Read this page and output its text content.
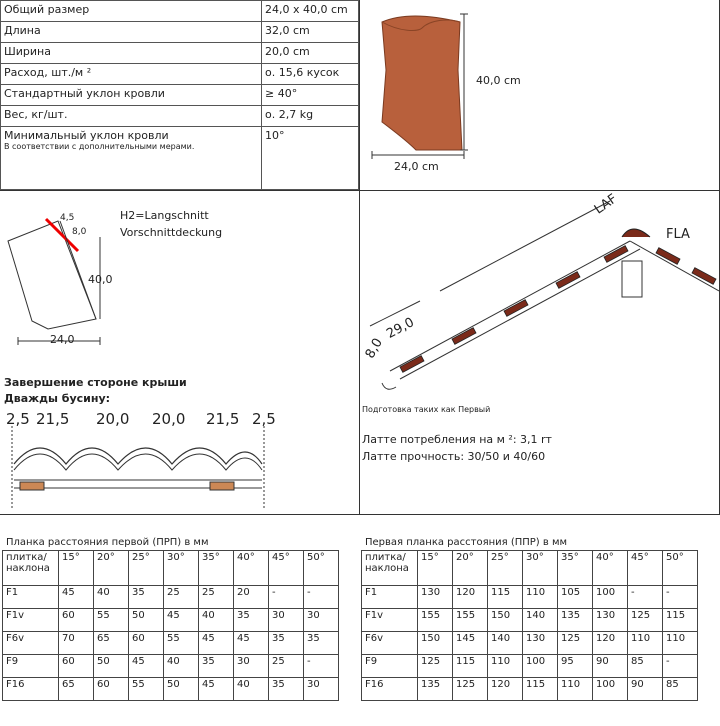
Общий размер	24,0 x 40,0 cm

Длина	32,0 cm

Ширина	20,0 cm

Расход, шт./м ²	о. 15,6 кусок

Стандартный уклон кровли	≥ 40°

Вес, кг/шт.	о. 2,7 kg

Минимальный уклон кровли
В соответствии с дополнительными мерами.	10°
40,0 cm
24,0 cm
4,5
8,0
40,0
24,0
H2=Langschnitt
Vorschnittdeckung
Завершение стороне крыши
Дважды бусину:
2,5 21,5 20,0 20,0 21,5 2,5
LAF
FLA
8,0
29,0
Подготовка таких как Первый
Латте потребления на м ²: 3,1 rт
Латте прочность: 30/50 и 40/60
Планка расстояния первой (ПРП) в мм
плитка/
наклона	15°	20°	25°	30°	35°	40°	45°	50°
F1	45	40	35	25	25	20	-	-
F1v	60	55	50	45	40	35	30	30
F6v	70	65	60	55	45	45	35	35
F9	60	50	45	40	35	30	25	-
F16	65	60	55	50	45	40	35	30
Первая планка расстояния (ППР) в мм
плитка/
наклона	15°	20°	25°	30°	35°	40°	45°	50°
F1	130	120	115	110	105	100	-	-
F1v	155	155	150	140	135	130	125	115
F6v	150	145	140	130	125	120	110	110
F9	125	115	110	100	95	90	85	-
F16	135	125	120	115	110	100	90	85
